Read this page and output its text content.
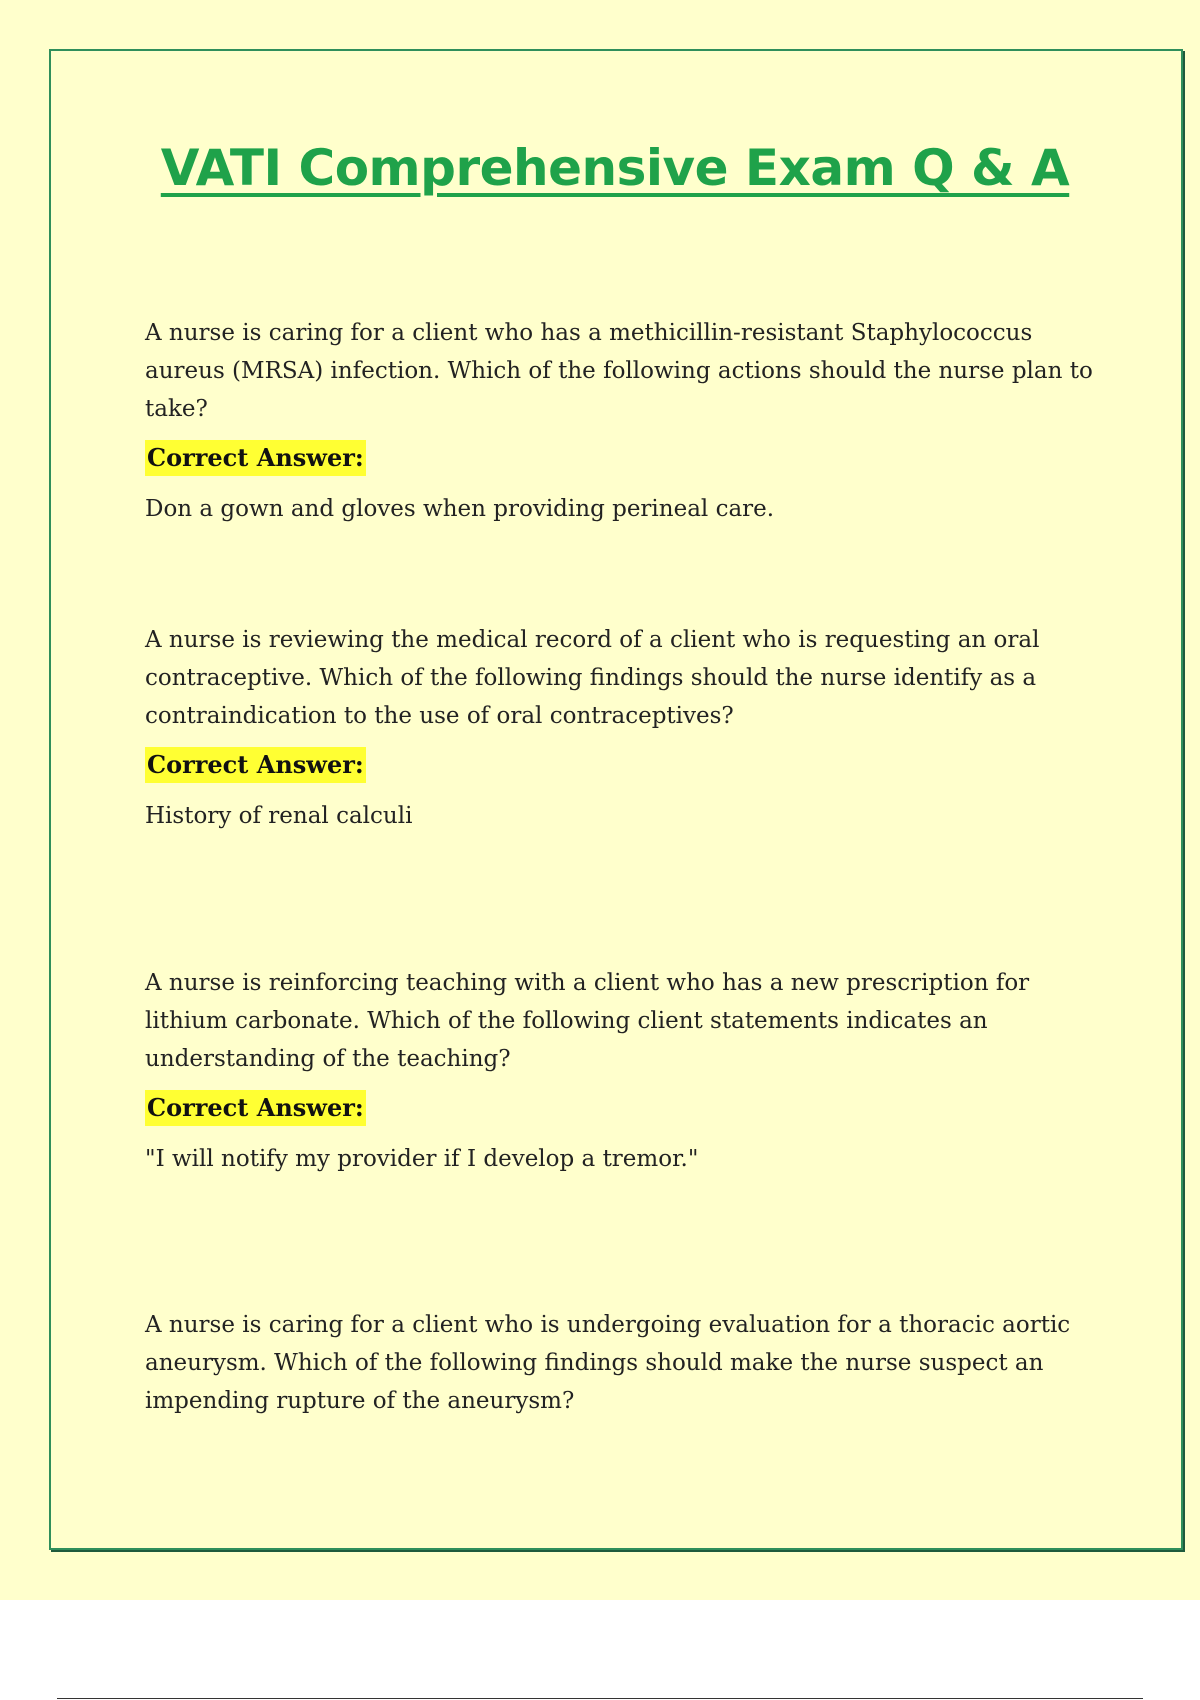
VATI Comprehensive Exam Q & A

A nurse is caring for a client who has a methicillin-resistant Staphylococcus aureus (MRSA) infection. Which of the following actions should the nurse plan to take?

Correct Answer:

Don a gown and gloves when providing perineal care.

A nurse is reviewing the medical record of a client who is requesting an oral contraceptive. Which of the following findings should the nurse identify as a contraindication to the use of oral contraceptives?

Correct Answer:

History of renal calculi

A nurse is reinforcing teaching with a client who has a new prescription for lithium carbonate. Which of the following client statements indicates an understanding of the teaching?

Correct Answer:

"I will notify my provider if I develop a tremor."

A nurse is caring for a client who is undergoing evaluation for a thoracic aortic aneurysm. Which of the following findings should make the nurse suspect an impending rupture of the aneurysm?
